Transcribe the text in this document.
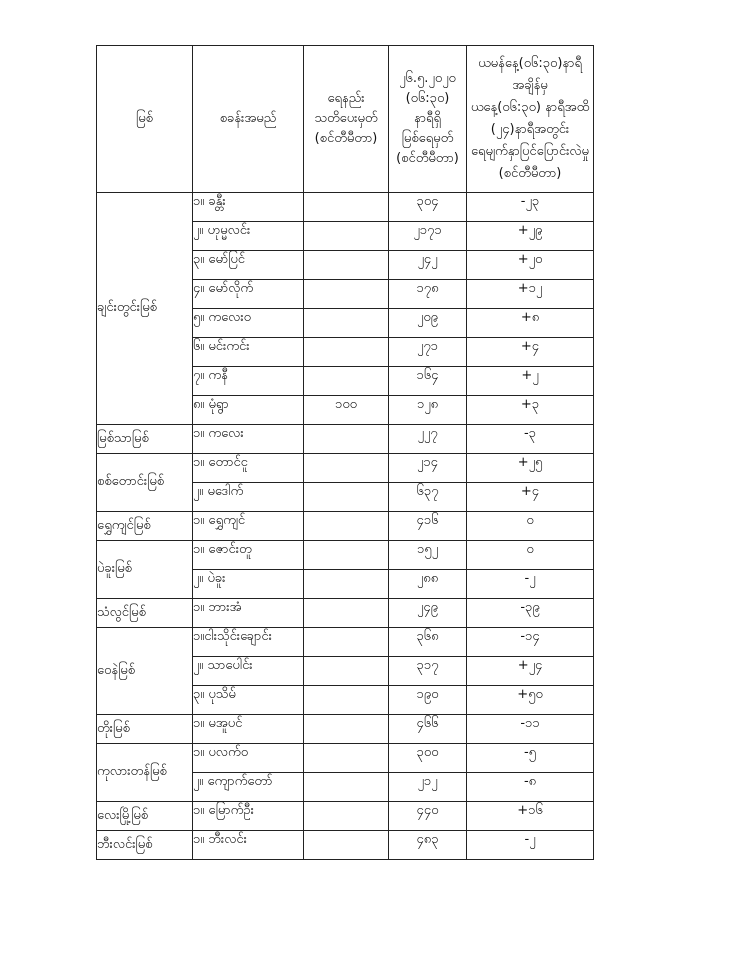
မြစ်	စခန်းအမည်	ရေနည်း
သတိပေးမှတ်
(စင်တီမီတာ)	၂၆.၅.၂၀၂၀
(၀၆:၃၀)
နာရီရှိ
မြစ်ရေမှတ်
(စင်တီမီတာ)	ယမန်နေ့(၀၆:၃၀)နာရီအချိန်မှ
ယနေ့(၀၆:၃၀) နာရီအထိ
(၂၄)နာရီအတွင်း
ရေမျက်နှာပြင်ပြောင်းလဲမှု
(စင်တီမီတာ)

ချင်းတွင်းမြစ်	၁။ ခန္တီး		၃၀၄	-၂၃
	၂။ ဟုမ္မလင်း		၂၁၇၁	+၂၉
	၃။ မော်ပြင်		၂၄၂	+၂၀
	၄။ မော်လိုက်		၁၇၈	+၁၂
	၅။ ကလေးဝ		၂၀၉	+၈
	၆။ မင်းကင်း		၂၇၁	+၄
	၇။ ကနီ		၁၆၄	+၂
	၈။ မုံရွာ	၁၀၀	၁၂၈	+၃
မြစ်သာမြစ်	၁။ ကလေး		၂၂၇	-၃
စစ်တောင်းမြစ်	၁။ တောင်ငူ		၂၁၄	+၂၅
	၂။ မဒေါက်		၆၃၇	+၄
ရွှေကျင်မြစ်	၁။ ရွှေကျင်		၄၁၆	၀
ပဲခူးမြစ်	၁။ ဇောင်းတူ		၁၅၂	၀
	၂။ ပဲခူး		၂၈၈	-၂
သံလွင်မြစ်	၁။ ဘားအံ		၂၄၉	-၃၉
ဝေနဲမြစ်	၁။ငါးသိုင်းချောင်း		၃၆၈	-၁၄
	၂။ သာပေါင်း		၃၁၇	+၂၄
	၃။ ပုသိမ်		၁၉၀	+၅၀
တိုးမြစ်	၁။ မအူပင်		၄၆၆	-၁၁
ကုလားတန်မြစ်	၁။ ပလက်ဝ		၃၀၀	-၅
	၂။ ကျောက်တော်		၂၁၂	-၈
လေးမြို့မြစ်	၁။ မြောက်ဦး		၄၄၀	+၁၆
ဘီးလင်းမြစ်	၁။ ဘီးလင်း		၄၈၃	-၂
